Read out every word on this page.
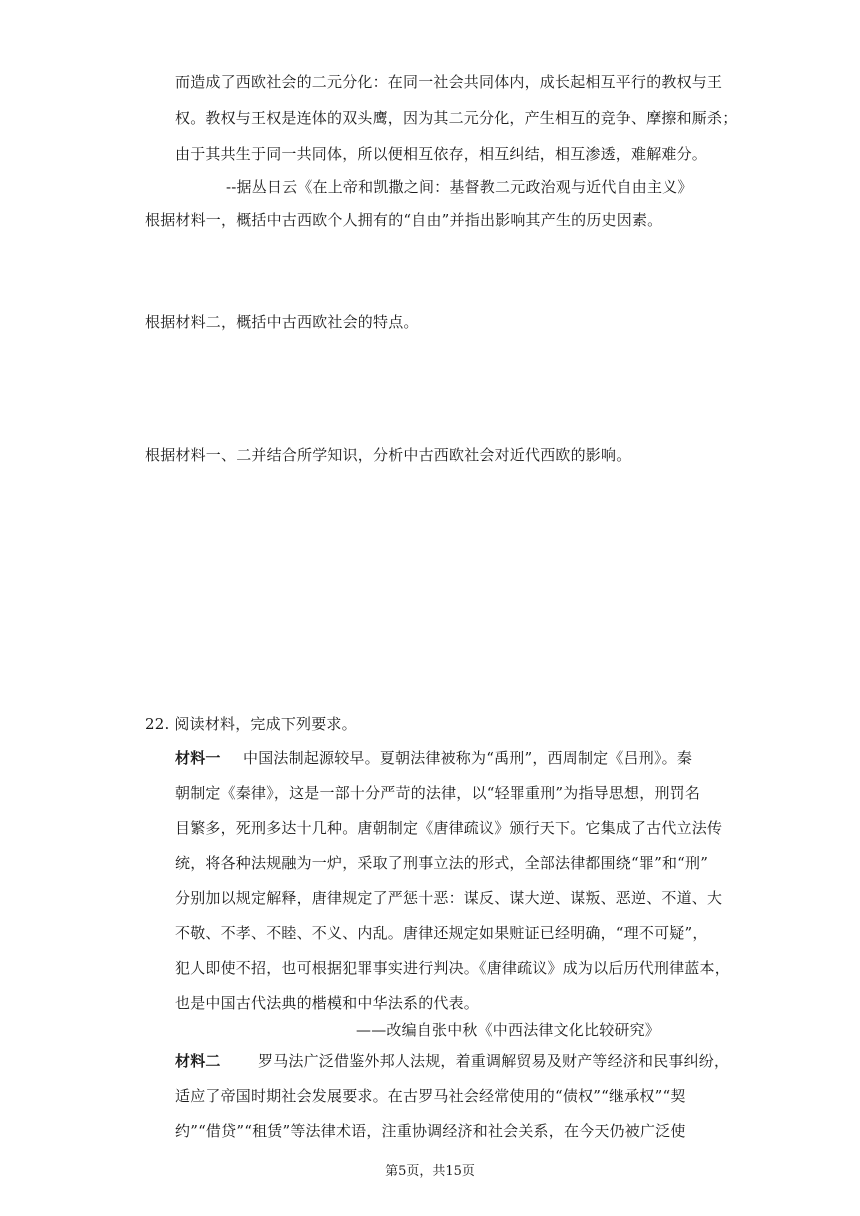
而造成了西欧社会的二元分化：在同一社会共同体内，成长起相互平行的教权与王
权。教权与王权是连体的双头鹰，因为其二元分化，产生相互的竞争、摩擦和厮杀；
由于其共生于同一共同体，所以便相互依存，相互纠结，相互渗透，难解难分。
--据丛日云《在上帝和凯撒之间：基督教二元政治观与近代自由主义》
根据材料一，概括中古西欧个人拥有的“自由”并指出影响其产生的历史因素。
根据材料二，概括中古西欧社会的特点。
根据材料一、二并结合所学知识，分析中古西欧社会对近代西欧的影响。
22. 阅读材料，完成下列要求。
材料一 中国法制起源较早。夏朝法律被称为“禹刑”，西周制定《吕刑》。秦
朝制定《秦律》，这是一部十分严苛的法律，以“轻罪重刑”为指导思想，刑罚名
目繁多，死刑多达十几种。唐朝制定《唐律疏议》颁行天下。它集成了古代立法传
统，将各种法规融为一炉，采取了刑事立法的形式，全部法律都围绕“罪”和“刑”
分别加以规定解释，唐律规定了严惩十恶：谋反、谋大逆、谋叛、恶逆、不道、大
不敬、不孝、不睦、不义、内乱。唐律还规定如果赃证已经明确，“理不可疑”，
犯人即使不招，也可根据犯罪事实进行判决。《唐律疏议》成为以后历代刑律蓝本，
也是中国古代法典的楷模和中华法系的代表。
——改编自张中秋《中西法律文化比较研究》
材料二 罗马法广泛借鉴外邦人法规，着重调解贸易及财产等经济和民事纠纷，
适应了帝国时期社会发展要求。在古罗马社会经常使用的“债权”“继承权”“契
约”“借贷”“租赁”等法律术语，注重协调经济和社会关系，在今天仍被广泛使
第5页，共15页
